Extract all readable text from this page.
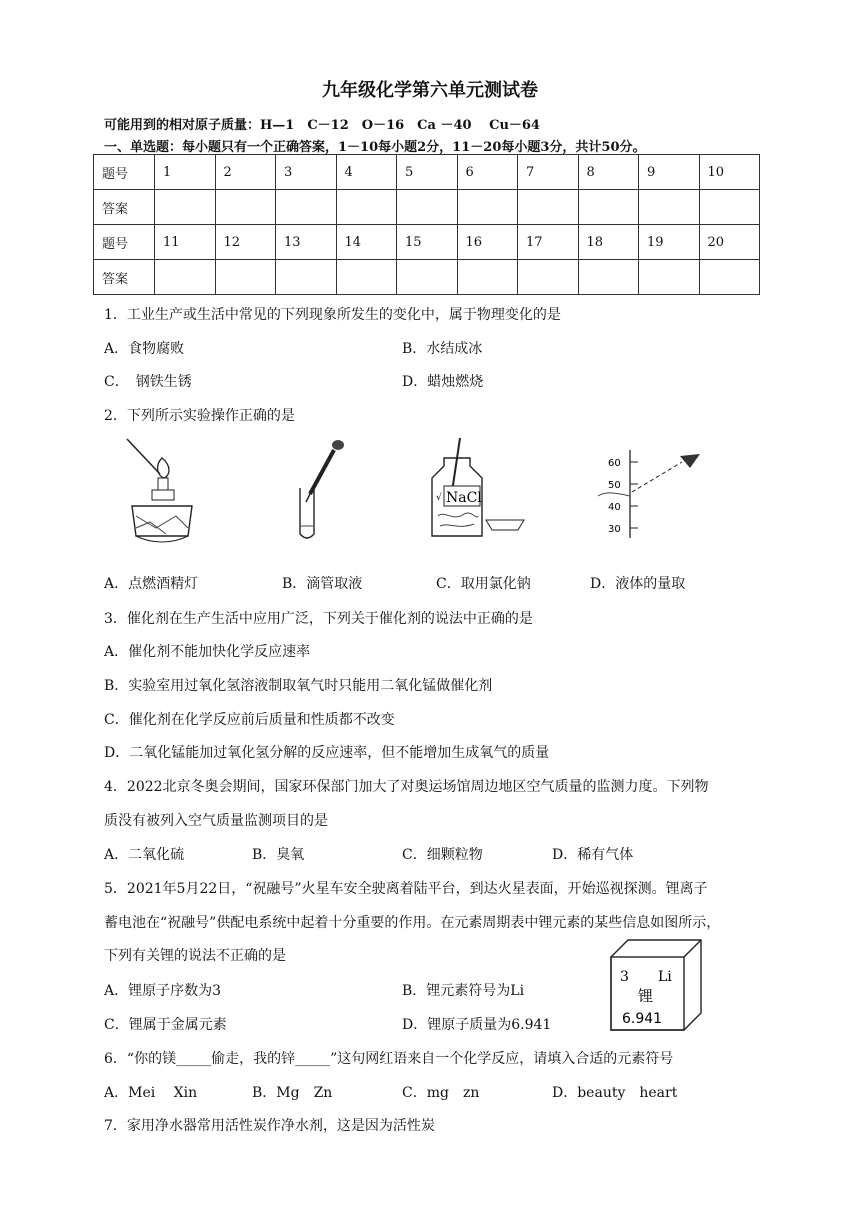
九年级化学第六单元测试卷
可能用到的相对原子质量：H—1　C－12　O－16　Ca －40　 Cu－64
一、单选题：每小题只有一个正确答案，1－10每小题2分，11－20每小题3分，共计50分。
题号	1	2	3	4	5	6	7	8	9	10
答案										
题号	11	12	13	14	15	16	17	18	19	20
答案										
1．工业生产或生活中常见的下列现象所发生的变化中，属于物理变化的是
A．食物腐败	B．水结成冰
C．　钢铁生锈	D．蜡烛燃烧
2．下列所示实验操作正确的是
NaCl
√
60
50
40
30
A．点燃酒精灯	B．滴管取液	C．取用氯化钠	D．液体的量取
3．催化剂在生产生活中应用广泛，下列关于催化剂的说法中正确的是
A．催化剂不能加快化学反应速率
B．实验室用过氧化氢溶液制取氧气时只能用二氧化锰做催化剂
C．催化剂在化学反应前后质量和性质都不改变
D．二氧化锰能加过氧化氢分解的反应速率，但不能增加生成氧气的质量
4．2022北京冬奥会期间，国家环保部门加大了对奥运场馆周边地区空气质量的监测力度。下列物
质没有被列入空气质量监测项目的是
A．二氧化硫	B．臭氧	C．细颗粒物	D．稀有气体
5．2021年5月22日，“祝融号”火星车安全驶离着陆平台，到达火星表面，开始巡视探测。锂离子
蓄电池在“祝融号”供配电系统中起着十分重要的作用。在元素周期表中锂元素的某些信息如图所示，
下列有关锂的说法不正确的是
A．锂原子序数为3	B．锂元素符号为Li
C．锂属于金属元素	D．锂原子质量为6.941
3 Li
锂
6.941
6．“你的镁_____偷走，我的锌_____”这句网红语来自一个化学反应，请填入合适的元素符号
A．Mei　 Xin	B．Mg　Zn	C．mg　zn	D．beauty　heart
7．家用净水器常用活性炭作净水剂，这是因为活性炭
